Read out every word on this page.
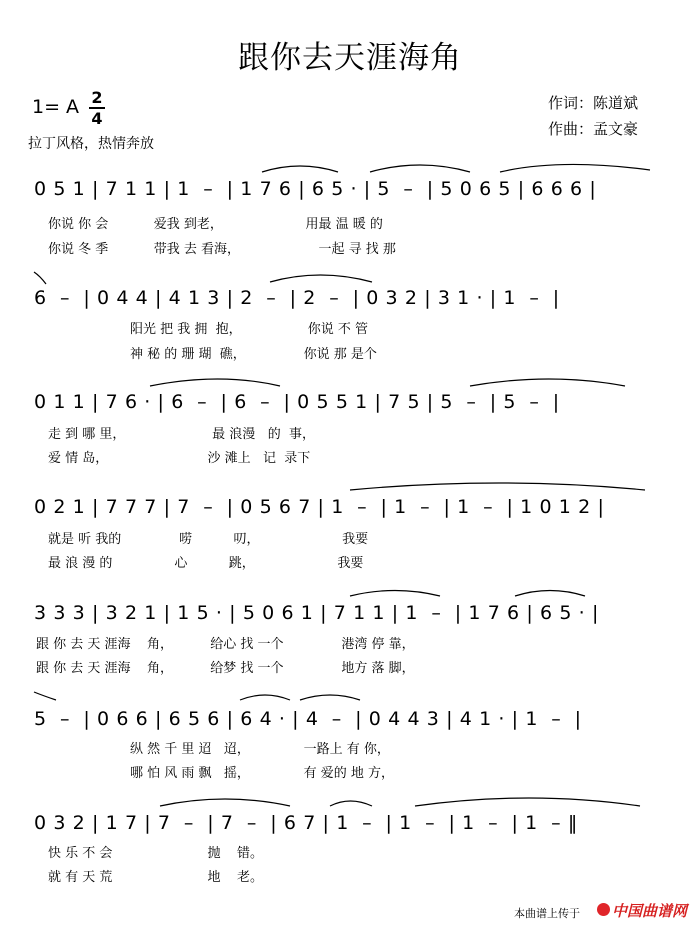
跟你去天涯海角
1= A 2
4
拉丁风格，热情奔放
作词：陈道斌
作曲：孟文豪
0 5 1 | 7 1 1 | 1  –  | 1 7 6 | 6 5 · | 5  –  | 5 0 6 5 | 6 6 6 |
你说 你 会           爱我 到老，                    用最 温 暖 的
你说 冬 季           带我 去 看海，                   一起 寻 找 那
6  –  | 0 4 4 | 4 1 3 | 2  –  | 2  –  | 0 3 2 | 3 1 · | 1  –  |
阳光 把 我 拥  抱，                你说 不 管
神 秘 的 珊 瑚  礁，              你说 那 是个
0 1 1 | 7 6 · | 6  –  | 6  –  | 0 5 5 1 | 7 5 | 5  –  | 5  –  |
走 到 哪 里，                     最 浪漫   的  事，
爱 情 岛，                        沙 滩上   记  录下
0 2 1 | 7 7 7 | 7  –  | 0 5 6 7 | 1  –  | 1  –  | 1  –  | 1 0 1 2 |
就是 听 我的              唠          叨，                    我要
最 浪 漫 的               心          跳，                    我要
3 3 3 | 3 2 1 | 1 5 · | 5 0 6 1 | 7 1 1 | 1  –  | 1 7 6 | 6 5 · |
跟 你 去 天 涯海    角，         给心 找 一个              港湾 停 靠，
跟 你 去 天 涯海    角，         给梦 找 一个              地方 落 脚，
5  –  | 0 6 6 | 6 5 6 | 6 4 · | 4  –  | 0 4 4 3 | 4 1 · | 1  –  |
纵 然 千 里 迢   迢，             一路上 有 你，
哪 怕 风 雨 飘   摇，             有 爱的 地 方，
0 3 2 | 1 7 | 7  –  | 7  –  | 6 7 | 1  –  | 1  –  | 1  –  | 1  – ‖
快 乐 不 会                       抛    错。
就 有 天 荒                       地    老。
本曲谱上传于 中国曲谱网
